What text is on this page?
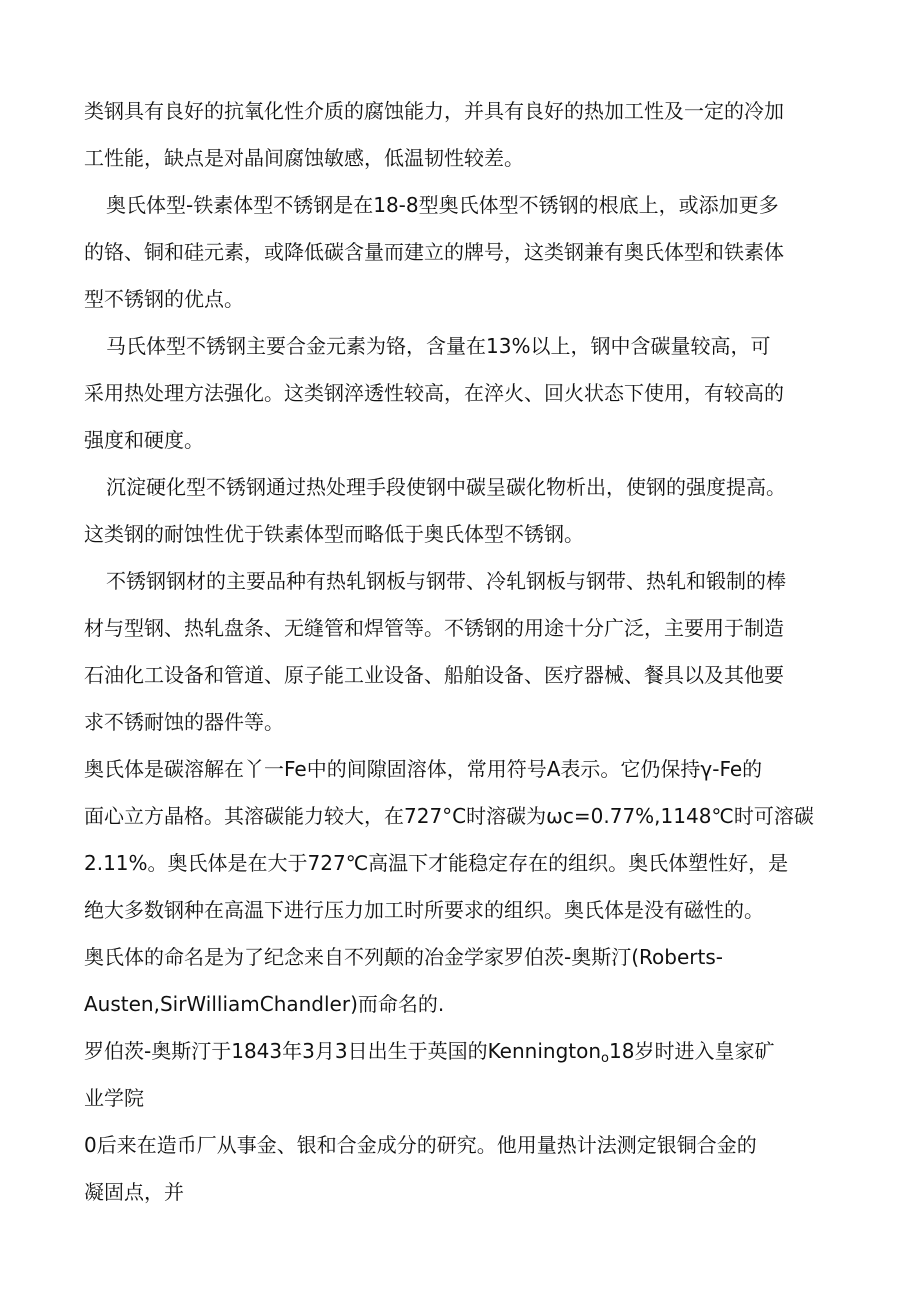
类钢具有良好的抗氧化性介质的腐蚀能力，并具有良好的热加工性及一定的冷加
工性能，缺点是对晶间腐蚀敏感，低温韧性较差。
奥氏体型-铁素体型不锈钢是在18-8型奥氏体型不锈钢的根底上，或添加更多
的铬、铜和硅元素，或降低碳含量而建立的牌号，这类钢兼有奥氏体型和铁素体
型不锈钢的优点。
马氏体型不锈钢主要合金元素为铬，含量在13%以上，钢中含碳量较高，可
采用热处理方法强化。这类钢淬透性较高，在淬火、回火状态下使用，有较高的
强度和硬度。
沉淀硬化型不锈钢通过热处理手段使钢中碳呈碳化物析出，使钢的强度提高。
这类钢的耐蚀性优于铁素体型而略低于奥氏体型不锈钢。
不锈钢钢材的主要品种有热轧钢板与钢带、冷轧钢板与钢带、热轧和锻制的棒
材与型钢、热轧盘条、无缝管和焊管等。不锈钢的用途十分广泛，主要用于制造
石油化工设备和管道、原子能工业设备、船舶设备、医疗器械、餐具以及其他要
求不锈耐蚀的器件等。
奥氏体是碳溶解在丫一Fe中的间隙固溶体，常用符号A表示。它仍保持γ-Fe的
面心立方晶格。其溶碳能力较大，在727°C时溶碳为ωc=0.77%,1148℃时可溶碳
2.11%。奥氏体是在大于727℃高温下才能稳定存在的组织。奥氏体塑性好，是
绝大多数钢种在高温下进行压力加工时所要求的组织。奥氏体是没有磁性的。
奥氏体的命名是为了纪念来自不列颠的冶金学家罗伯茨-奥斯汀(Roberts-
Austen,SirWilliamChandler)而命名的.
罗伯茨-奥斯汀于1843年3月3日出生于英国的Kennington$_o$18岁时进入皇家矿
业学院
0后来在造币厂从事金、银和合金成分的研究。他用量热计法测定银铜合金的
凝固点，并
